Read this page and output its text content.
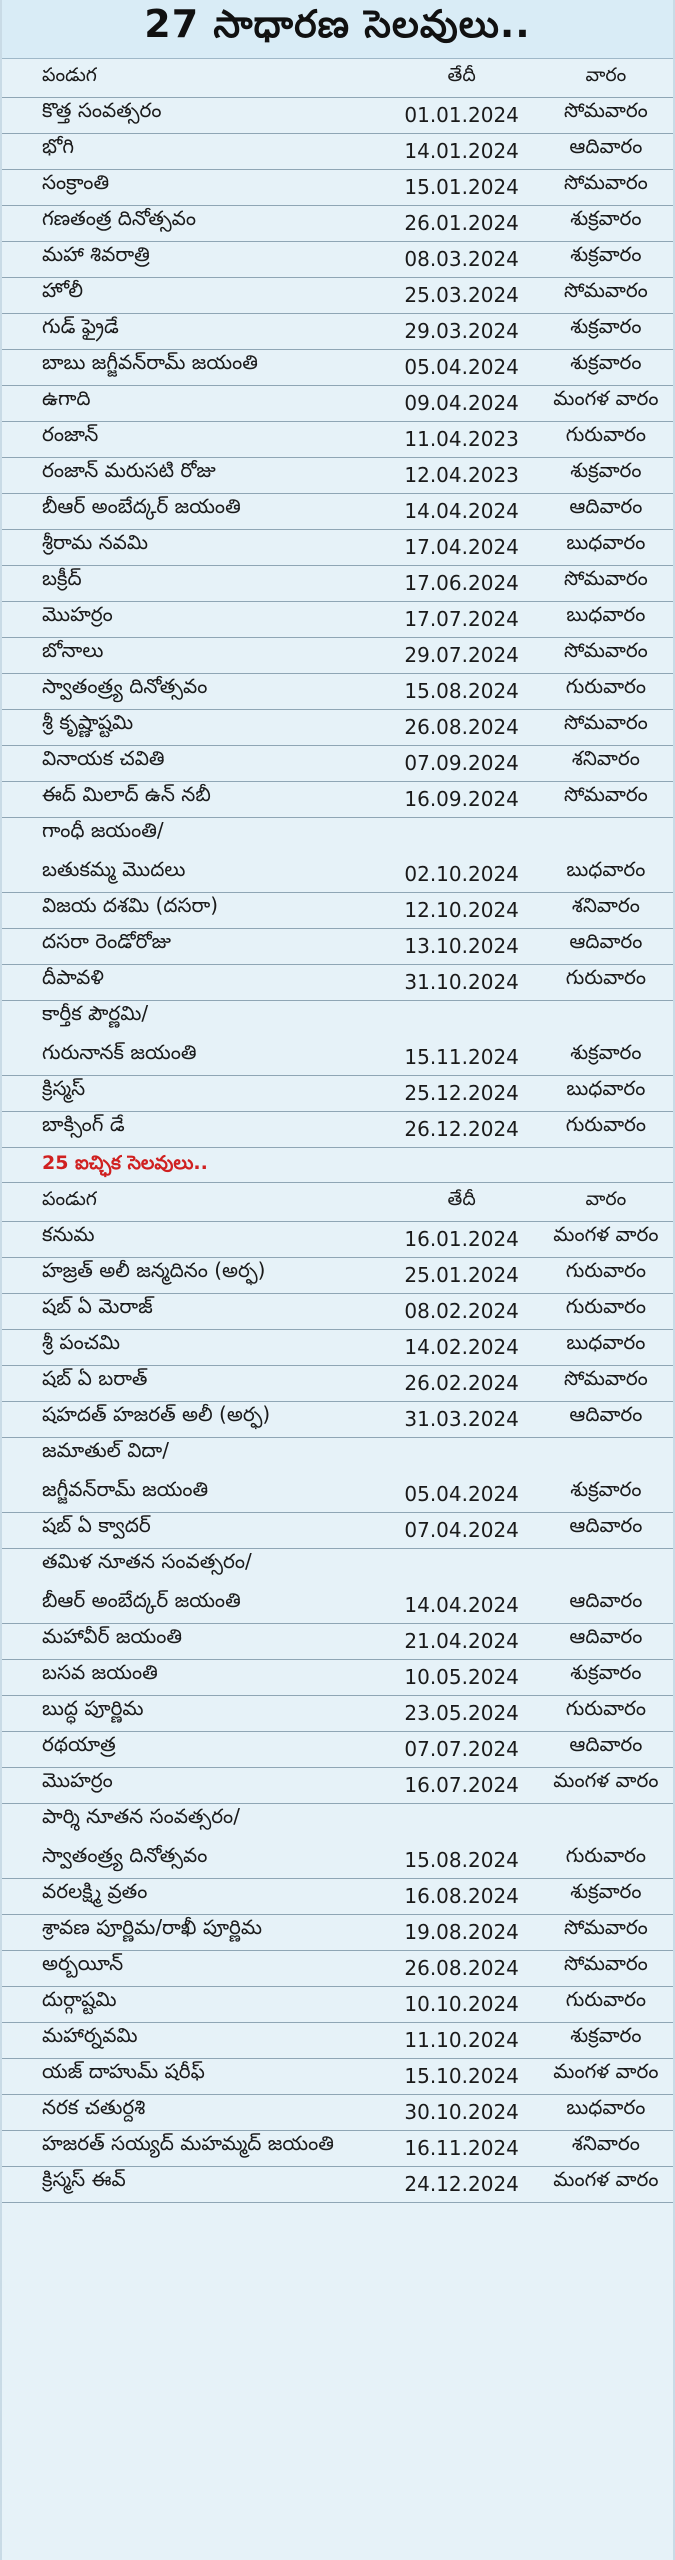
27 సాధారణ సెలవులు..
పండుగ	తేదీ	వారం
కొత్త సంవత్సరం	01.01.2024	సోమవారం
భోగి	14.01.2024	ఆదివారం
సంక్రాంతి	15.01.2024	సోమవారం
గణతంత్ర దినోత్సవం	26.01.2024	శుక్రవారం
మహా శివరాత్రి	08.03.2024	శుక్రవారం
హోలీ	25.03.2024	సోమవారం
గుడ్ ఫ్రైడే	29.03.2024	శుక్రవారం
బాబు జగ్జీవన్‌రామ్ జయంతి	05.04.2024	శుక్రవారం
ఉగాది	09.04.2024	మంగళ వారం
రంజాన్	11.04.2023	గురువారం
రంజాన్ మరుసటి రోజు	12.04.2023	శుక్రవారం
బీఆర్ అంబేద్కర్ జయంతి	14.04.2024	ఆదివారం
శ్రీరామ నవమి	17.04.2024	బుధవారం
బక్రీద్	17.06.2024	సోమవారం
మొహర్రం	17.07.2024	బుధవారం
బోనాలు	29.07.2024	సోమవారం
స్వాతంత్ర్య దినోత్సవం	15.08.2024	గురువారం
శ్రీ కృష్ణాష్టమి	26.08.2024	సోమవారం
వినాయక చవితి	07.09.2024	శనివారం
ఈద్ మిలాద్ ఉన్ నబీ	16.09.2024	సోమవారం

గాంధీ జయంతి/
బతుకమ్మ మొదలు	02.10.2024	బుధవారం
విజయ దశమి (దసరా)	12.10.2024	శనివారం
దసరా రెండోరోజు	13.10.2024	ఆదివారం
దీపావళి	31.10.2024	గురువారం

కార్తీక పౌర్ణమి/
గురునానక్ జయంతి	15.11.2024	శుక్రవారం
క్రిస్మస్	25.12.2024	బుధవారం
బాక్సింగ్ డే	26.12.2024	గురువారం
25 ఐచ్ఛిక సెలవులు..
పండుగ	తేదీ	వారం
కనుమ	16.01.2024	మంగళ వారం
హజ్రత్ అలీ జన్మదినం (అర్ఫ)	25.01.2024	గురువారం
షబ్ ఏ మెరాజ్	08.02.2024	గురువారం
శ్రీ పంచమి	14.02.2024	బుధవారం
షబ్ ఏ బరాత్	26.02.2024	సోమవారం
షహదత్ హజరత్ అలీ (అర్ఫ)	31.03.2024	ఆదివారం

జమాతుల్ విదా/
జగ్జీవన్‌రామ్ జయంతి	05.04.2024	శుక్రవారం
షబ్ ఏ క్వాదర్	07.04.2024	ఆదివారం

తమిళ నూతన సంవత్సరం/
బీఆర్ అంబేద్కర్ జయంతి	14.04.2024	ఆదివారం
మహావీర్ జయంతి	21.04.2024	ఆదివారం
బసవ జయంతి	10.05.2024	శుక్రవారం
బుద్ధ పూర్ణిమ	23.05.2024	గురువారం
రథయాత్ర	07.07.2024	ఆదివారం
మొహర్రం	16.07.2024	మంగళ వారం

పార్శి నూతన సంవత్సరం/
స్వాతంత్ర్య దినోత్సవం	15.08.2024	గురువారం
వరలక్ష్మి వ్రతం	16.08.2024	శుక్రవారం
శ్రావణ పూర్ణిమ/రాఖీ పూర్ణిమ	19.08.2024	సోమవారం
అర్బయీన్	26.08.2024	సోమవారం
దుర్గాష్టమి	10.10.2024	గురువారం
మహార్నవమి	11.10.2024	శుక్రవారం
యజ్ దాహుమ్ షరీఫ్	15.10.2024	మంగళ వారం
నరక చతుర్దశి	30.10.2024	బుధవారం
హజరత్ సయ్యద్ మహమ్మద్ జయంతి	16.11.2024	శనివారం
క్రిస్మస్ ఈవ్	24.12.2024	మంగళ వారం
